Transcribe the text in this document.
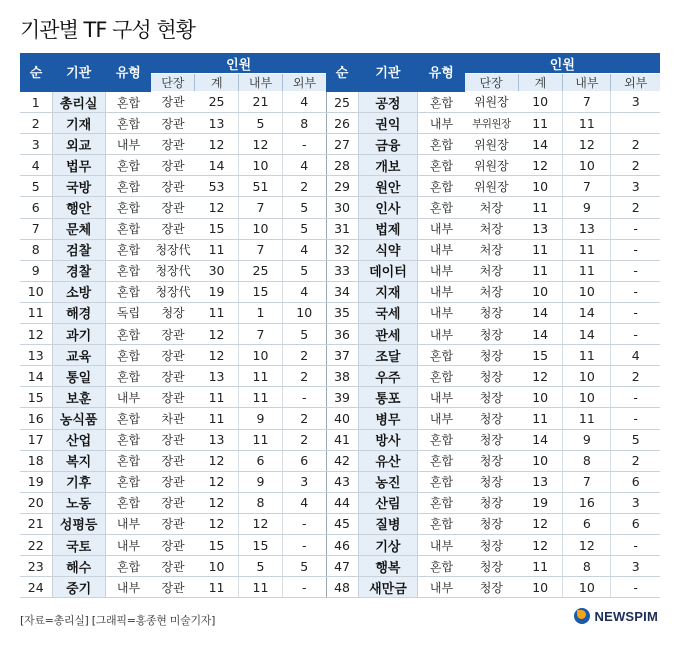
기관별 TF 구성 현황
순	기관	유형	인원				순	기관	유형	인원			
			단장	계	내부	외부				단장	계	내부	외부
1	총리실	혼합	장관	25	21	4	25	공정	혼합	위원장	10	7	3
2	기재	혼합	장관	13	5	8	26	권익	내부	부위원장	11	11	
3	외교	내부	장관	12	12	-	27	금융	혼합	위원장	14	12	2
4	법무	혼합	장관	14	10	4	28	개보	혼합	위원장	12	10	2
5	국방	혼합	장관	53	51	2	29	원안	혼합	위원장	10	7	3
6	행안	혼합	장관	12	7	5	30	인사	혼합	처장	11	9	2
7	문체	혼합	장관	15	10	5	31	법제	내부	처장	13	13	-
8	검찰	혼합	청장代	11	7	4	32	식약	내부	처장	11	11	-
9	경찰	혼합	청장代	30	25	5	33	데이터	내부	처장	11	11	-
10	소방	혼합	청장代	19	15	4	34	지재	내부	처장	10	10	-
11	해경	독립	청장	11	1	10	35	국세	내부	청장	14	14	-
12	과기	혼합	장관	12	7	5	36	관세	내부	청장	14	14	-
13	교육	혼합	장관	12	10	2	37	조달	혼합	청장	15	11	4
14	통일	혼합	장관	13	11	2	38	우주	혼합	청장	12	10	2
15	보훈	내부	장관	11	11	-	39	통포	내부	청장	10	10	-
16	농식품	혼합	차관	11	9	2	40	병무	내부	청장	11	11	-
17	산업	혼합	장관	13	11	2	41	방사	혼합	청장	14	9	5
18	복지	혼합	장관	12	6	6	42	유산	혼합	청장	10	8	2
19	기후	혼합	장관	12	9	3	43	농진	혼합	청장	13	7	6
20	노동	혼합	장관	12	8	4	44	산림	혼합	청장	19	16	3
21	성평등	내부	장관	12	12	-	45	질병	혼합	청장	12	6	6
22	국토	내부	장관	15	15	-	46	기상	내부	청장	12	12	-
23	해수	혼합	장관	10	5	5	47	행복	혼합	청장	11	8	3
24	중기	내부	장관	11	11	-	48	새만금	내부	청장	10	10	-
[자료=총리실] [그래픽=홍종현 미술기자]	NEWSPIM
